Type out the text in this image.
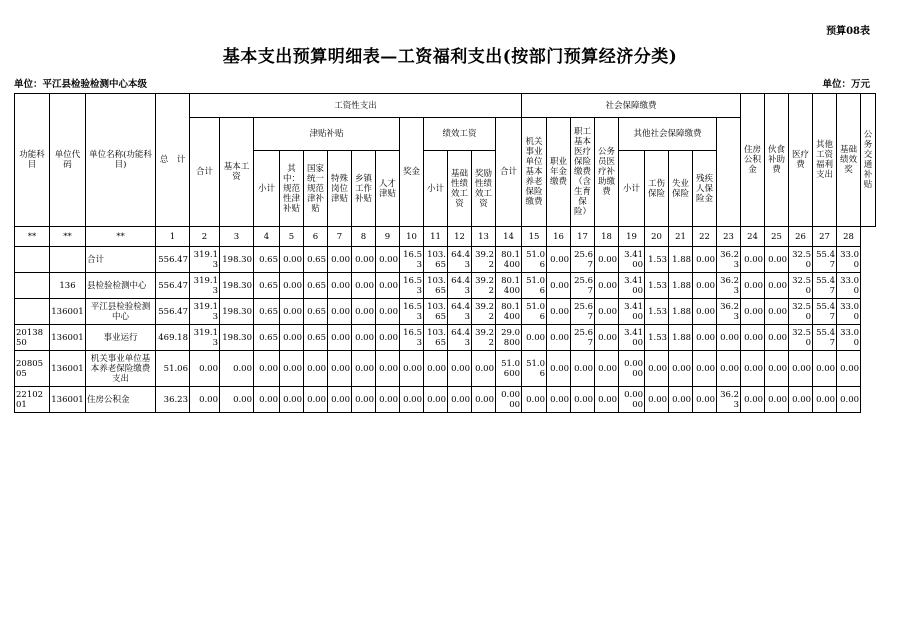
预算08表
基本支出预算明细表—工资福利支出(按部门预算经济分类)
单位：平江县检验检测中心本级	单位：万元
功能科目	单位代码	单位名称(功能科目)	总　计	工资性支出													社会保障缴费									住房公积金	伙食补助费	医疗费	其他工资福利支出	基础绩效奖	公务交通补贴
				合计	基本工资	津贴补贴						奖金	绩效工资			合计	机关事业单位基本养老保险缴费	职业年金缴费	职工基本医疗保险缴费（含生育保险）	公务员医疗补助缴费	其他社会保障缴费										
						小计	其中：规范性津补贴	国家统一规范津补贴	特殊岗位津贴	乡镇工作补贴	人才津贴		小计	基础性绩效工资	奖励性绩效工资						小计	工伤保险	失业保险	残疾人保险金							

**	**	**	1	2	3	4	5	6	7	8	9	10	11	12	13	14	15	16	17	18	19	20	21	22	23	24	25	26	27	28	
		合计	556.47	319.13	198.30	0.65	0.00	0.65	0.00	0.00	0.00	16.53	103.65	64.43	39.22	80.1400	51.06	0.00	25.67	0.00	3.4100	1.53	1.88	0.00	36.23	0.00	0.00	32.50	55.47	33.00	
	136	县检验检测中心	556.47	319.13	198.30	0.65	0.00	0.65	0.00	0.00	0.00	16.53	103.65	64.43	39.22	80.1400	51.06	0.00	25.67	0.00	3.4100	1.53	1.88	0.00	36.23	0.00	0.00	32.50	55.47	33.00	
	136001	平江县检验检测中心	556.47	319.13	198.30	0.65	0.00	0.65	0.00	0.00	0.00	16.53	103.65	64.43	39.22	80.1400	51.06	0.00	25.67	0.00	3.4100	1.53	1.88	0.00	36.23	0.00	0.00	32.50	55.47	33.00	
2013850	136001	事业运行	469.18	319.13	198.30	0.65	0.00	0.65	0.00	0.00	0.00	16.53	103.65	64.43	39.22	29.0800	0.00	0.00	25.67	0.00	3.4100	1.53	1.88	0.00	0.00	0.00	0.00	32.50	55.47	33.00	
2080505	136001	机关事业单位基本养老保险缴费支出	51.06	0.00	0.00	0.00	0.00	0.00	0.00	0.00	0.00	0.00	0.00	0.00	0.00	51.0600	51.06	0.00	0.00	0.00	0.0000	0.00	0.00	0.00	0.00	0.00	0.00	0.00	0.00	0.00	
2210201	136001	住房公积金	36.23	0.00	0.00	0.00	0.00	0.00	0.00	0.00	0.00	0.00	0.00	0.00	0.00	0.0000	0.00	0.00	0.00	0.00	0.0000	0.00	0.00	0.00	36.23	0.00	0.00	0.00	0.00	0.00	
